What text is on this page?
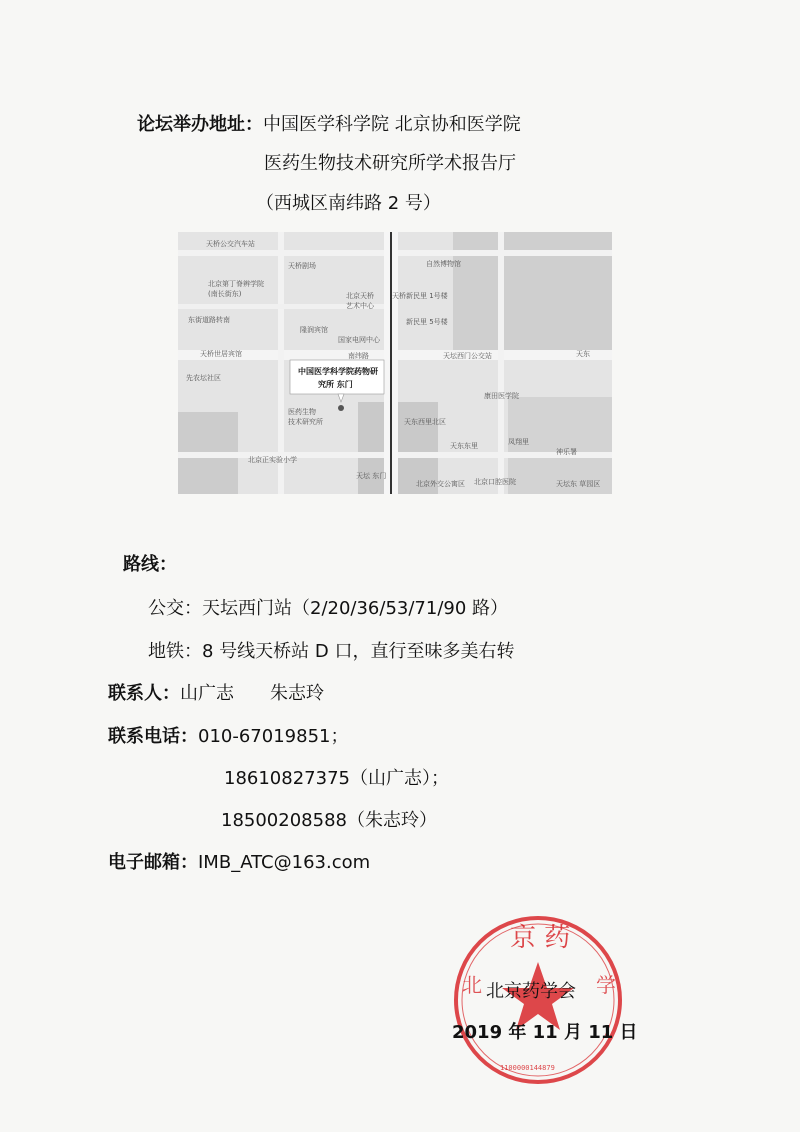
论坛举办地址：中国医学科学院 北京协和医学院
医药生物技术研究所学术报告厅
（西城区南纬路 2 号）
天桥公交汽车站
天桥剧场	自然博物馆
北京第丁脊辨学院
(南长街东)	北京天桥
艺术中心
新民里 1号楼
新民里 5号楼
东街道路转南
隆润宾馆
国家电网中心
天桥世居宾馆	南纬路	天坛西门公交站
先农坛社区
康田医学院
医药生物
技术研究所	天东西里北区
凤翔里
天东东里
神乐署
北京正实验小学
北京口腔医院	天坛东 草园区
天东
天桥
北京外交公寓区
天坛 东门
中国医学科学院药物研
究所 东门
路线：
公交：天坛西门站（2/20/36/53/71/90 路）
地铁：8 号线天桥站 D 口，直行至味多美右转
联系人：山广志　　朱志玲
联系电话：010-67019851；
18610827375（山广志）；
18500208588（朱志玲）
电子邮箱：IMB_ATC@163.com
京 药
北	学
1100000144879
北京药学会
2019 年 11 月 11 日
